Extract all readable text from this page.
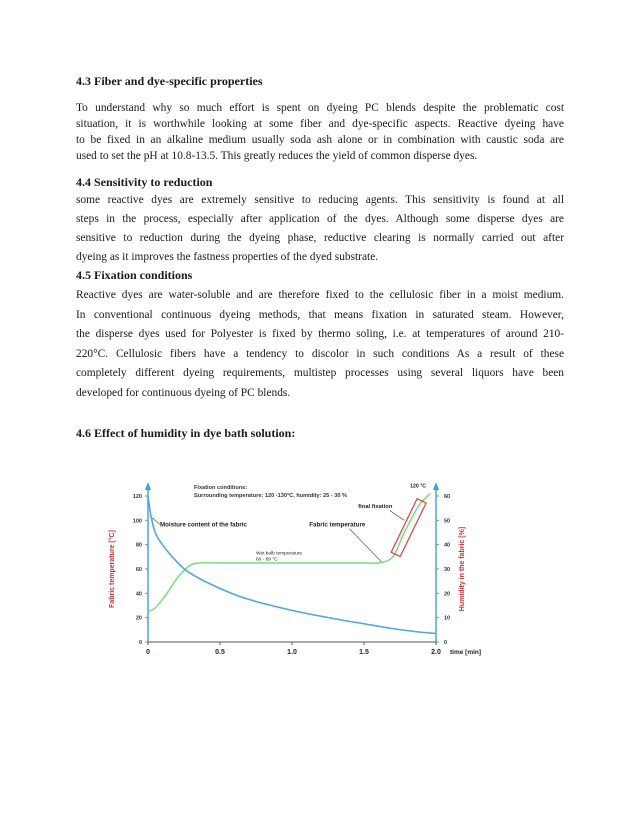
4.3 Fiber and dye-specific properties
To understand why so much effort is spent on dyeing PC blends despite the problematic cost
situation, it is worthwhile looking at some fiber and dye-specific aspects. Reactive dyeing have
to be fixed in an alkaline medium usually soda ash alone or in combination with caustic soda are
used to set the pH at 10.8-13.5. This greatly reduces the yield of common disperse dyes.
4.4 Sensitivity to reduction
some reactive dyes are extremely sensitive to reducing agents. This sensitivity is found at all
steps in the process, especially after application of the dyes. Although some disperse dyes are
sensitive to reduction during the dyeing phase, reductive clearing is normally carried out after
dyeing as it improves the fastness properties of the dyed substrate.
4.5 Fixation conditions
Reactive dyes are water-soluble and are therefore fixed to the cellulosic fiber in a moist medium.
In conventional continuous dyeing methods, that means fixation in saturated steam. However,
the disperse dyes used for Polyester is fixed by thermo soling, i.e. at temperatures of around 210-
220°C. Cellulosic fibers have a tendency to discolor in such conditions As a result of these
completely different dyeing requirements, multistep processes using several liquors have been
developed for continuous dyeing of PC blends.
4.6 Effect of humidity in dye bath solution:
0
20
40
60
80
100
120
0
10
20
30
40
50
60
0	0.5	1.0	1.5	2.0 time [min]
Fabric temperature [°C]	Humidity in the fabric [%]
Fixation conditions:
Surrounding temperature: 120 -130°C, humidity: 25 - 30 %
Moisture content of the fabric	Fabric temperature
Wet bulb temperature
60 - 69 °C
final fixation
120 °C
